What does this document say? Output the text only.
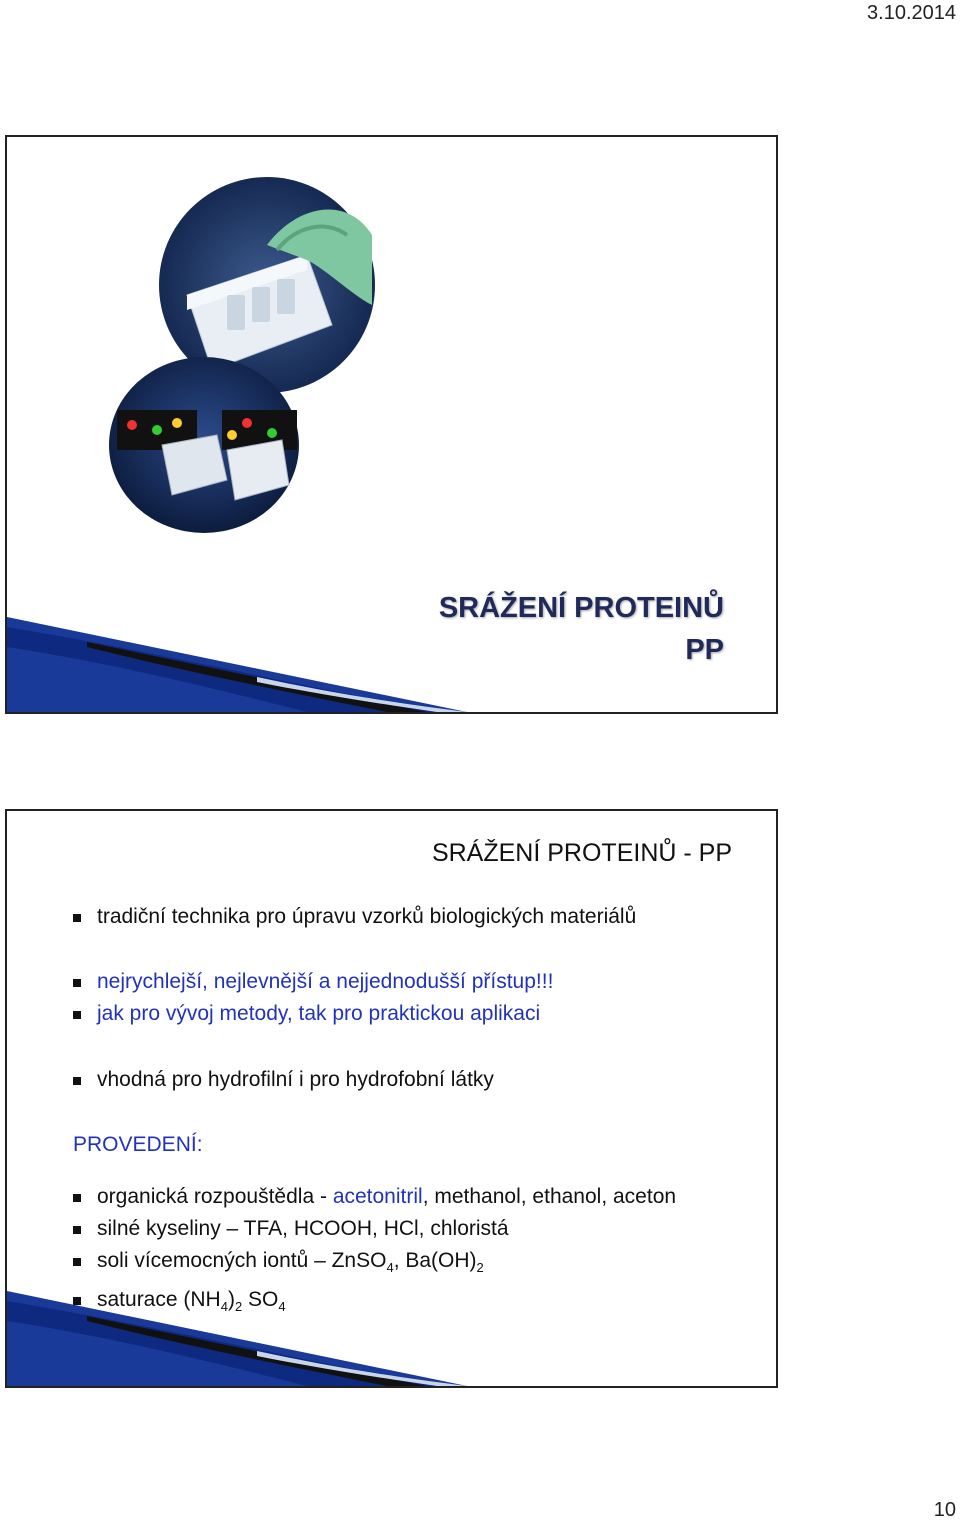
3.10.2014
SRÁŽENÍ PROTEINŮ
PP
SRÁŽENÍ PROTEINŮ - PP
tradiční technika pro úpravu vzorků biologických materiálů
nejrychlejší, nejlevnější a nejjednodušší přístup!!!
jak pro vývoj metody, tak pro praktickou aplikaci
vhodná pro hydrofilní i pro hydrofobní látky
PROVEDENÍ:
organická rozpouštědla - acetonitril, methanol, ethanol, aceton
silné kyseliny – TFA, HCOOH, HCl, chloristá
soli vícemocných iontů – ZnSO$_4$, $Ba(OH)_2$
saturace $(NH_4)_2$ $SO_4$
10
